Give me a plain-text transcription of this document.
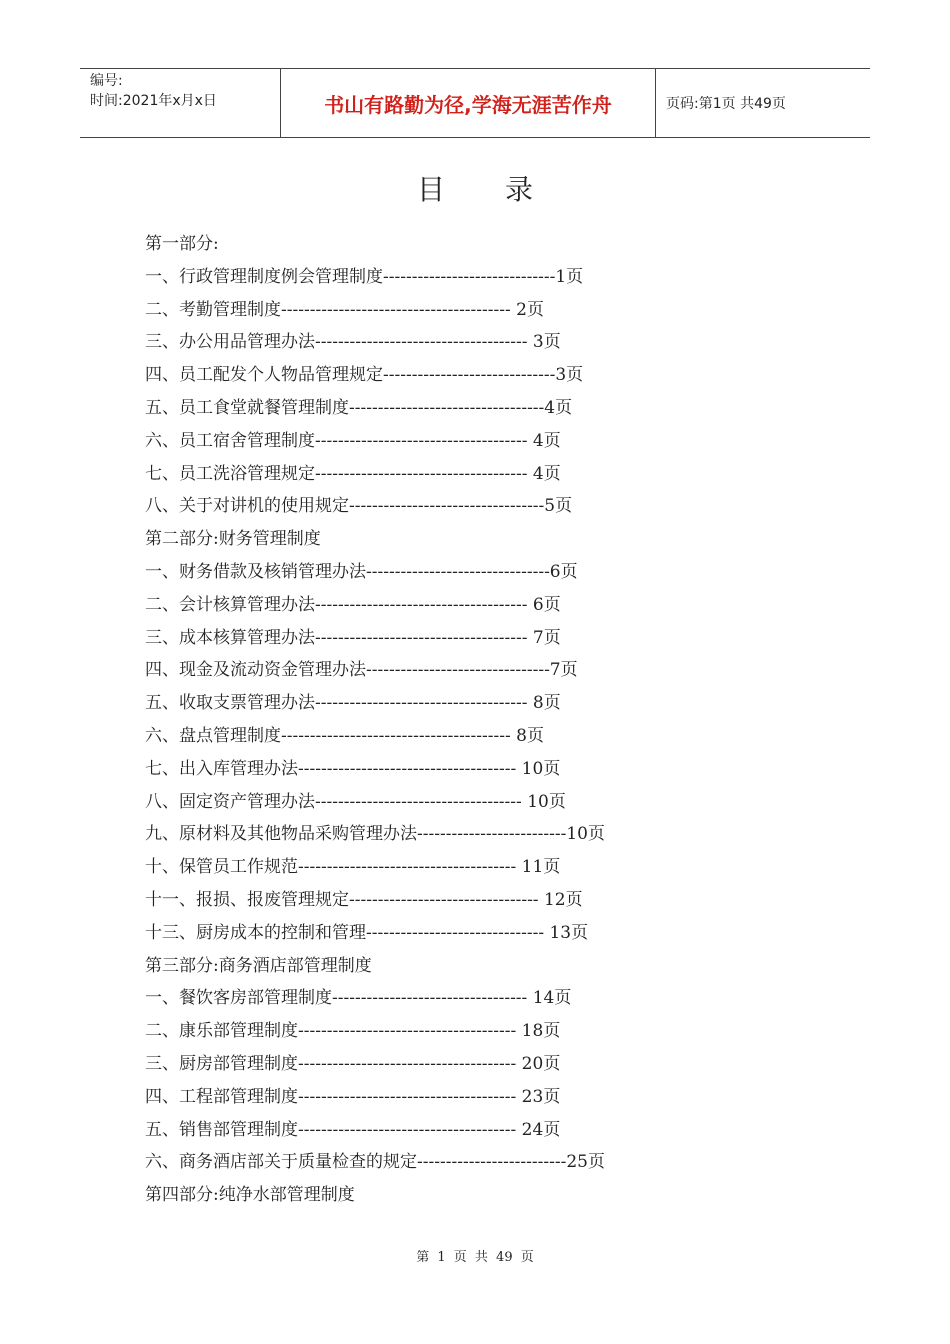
编号:
时间:2021年x月x日	书山有路勤为径,学海无涯苦作舟	页码:第1页 共49页
目录
第一部分:
一、行政管理制度例会管理制度------------------------------1页
二、考勤管理制度---------------------------------------- 2页
三、办公用品管理办法------------------------------------- 3页
四、员工配发个人物品管理规定------------------------------3页
五、员工食堂就餐管理制度----------------------------------4页
六、员工宿舍管理制度------------------------------------- 4页
七、员工洗浴管理规定------------------------------------- 4页
八、关于对讲机的使用规定----------------------------------5页
第二部分:财务管理制度
一、财务借款及核销管理办法--------------------------------6页
二、会计核算管理办法------------------------------------- 6页
三、成本核算管理办法------------------------------------- 7页
四、现金及流动资金管理办法--------------------------------7页
五、收取支票管理办法------------------------------------- 8页
六、盘点管理制度---------------------------------------- 8页
七、出入库管理办法-------------------------------------- 10页
八、固定资产管理办法------------------------------------ 10页
九、原材料及其他物品采购管理办法--------------------------10页
十、保管员工作规范-------------------------------------- 11页
十一、报损、报废管理规定--------------------------------- 12页
十三、厨房成本的控制和管理------------------------------- 13页
第三部分:商务酒店部管理制度
一、餐饮客房部管理制度---------------------------------- 14页
二、康乐部管理制度-------------------------------------- 18页
三、厨房部管理制度-------------------------------------- 20页
四、工程部管理制度-------------------------------------- 23页
五、销售部管理制度-------------------------------------- 24页
六、商务酒店部关于质量检查的规定--------------------------25页
第四部分:纯净水部管理制度
第 1 页 共 49 页
